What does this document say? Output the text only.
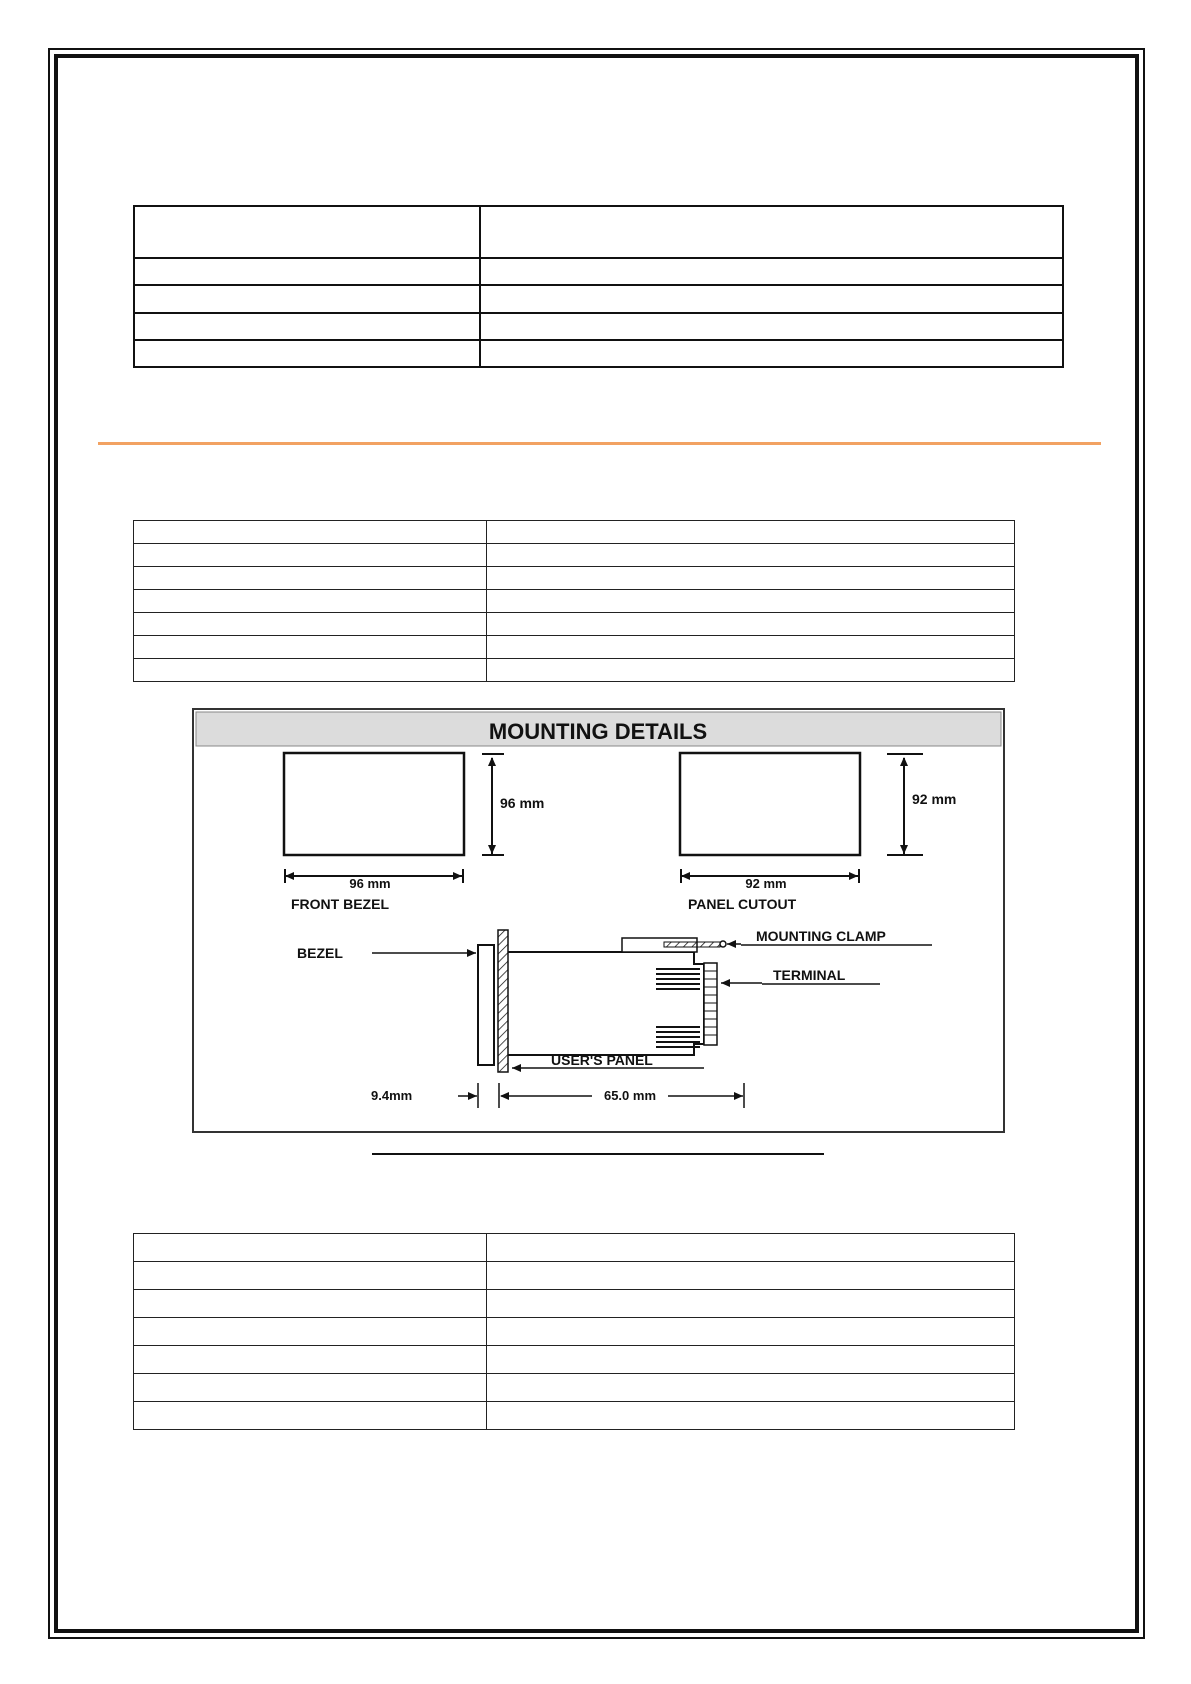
MOUNTING DETAILS
96 mm
96 mm
FRONT BEZEL
92 mm
92 mm
PANEL CUTOUT
BEZEL
MOUNTING CLAMP
TERMINAL
USER'S PANEL
9.4mm	65.0 mm
